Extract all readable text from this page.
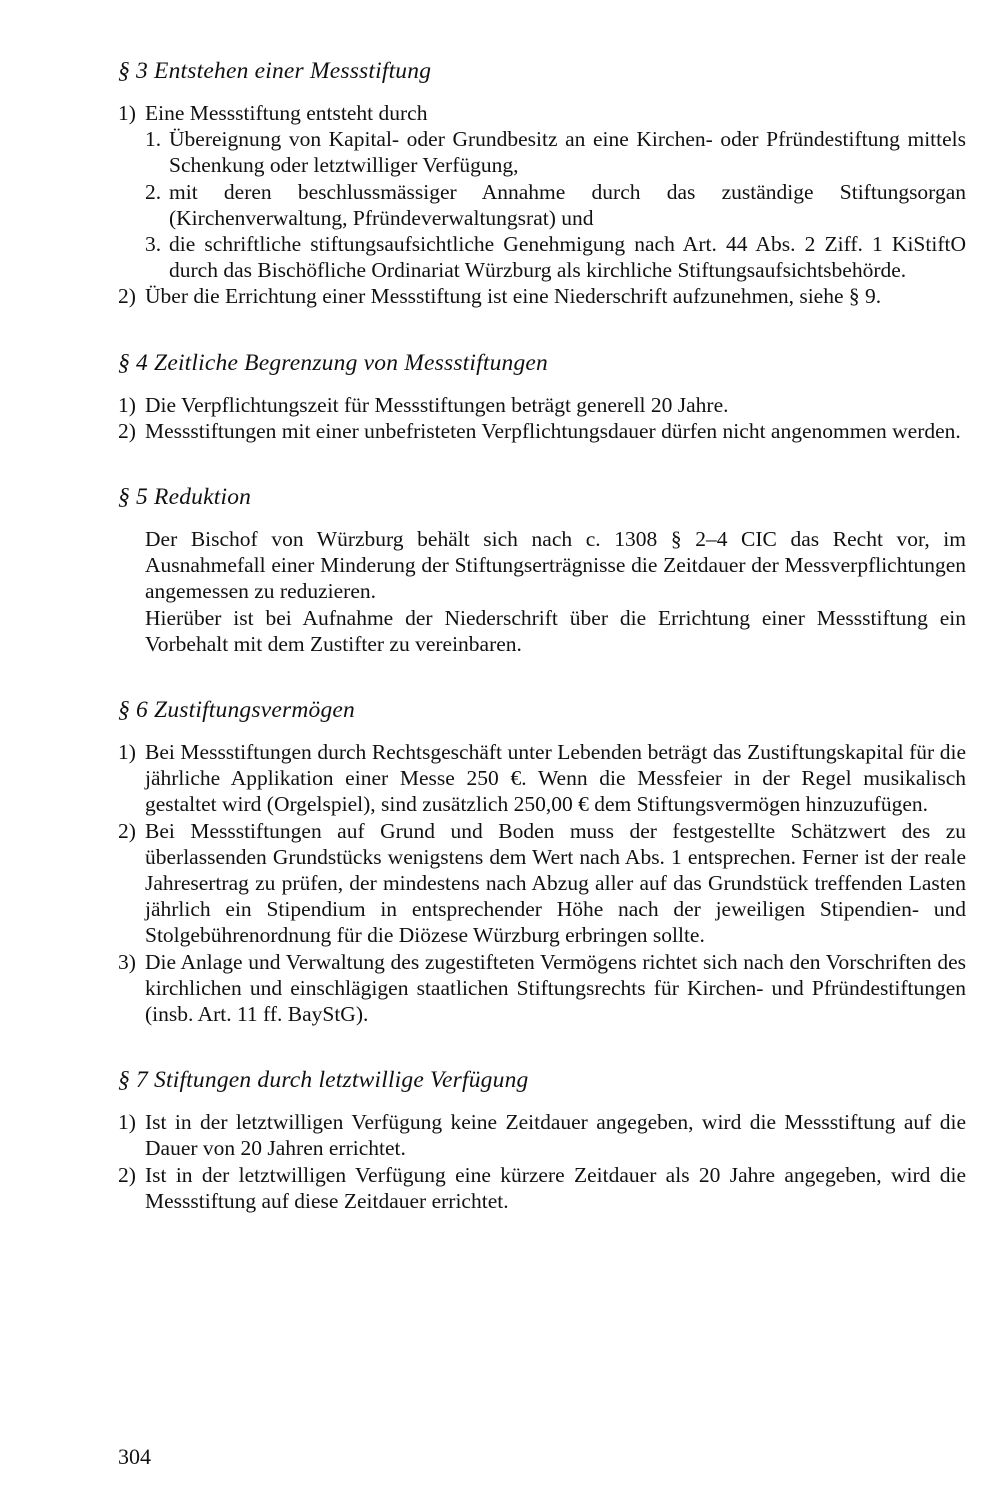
§ 3 Entstehen einer Messstiftung
1) Eine Messstiftung entsteht durch
1. Übereignung von Kapital- oder Grundbesitz an eine Kirchen- oder Pfründestiftung mittels Schenkung oder letztwilliger Verfügung,
2. mit deren beschlussmässiger Annahme durch das zuständige Stiftungsorgan (Kirchenverwaltung, Pfründeverwaltungsrat) und
3. die schriftliche stiftungsaufsichtliche Genehmigung nach Art. 44 Abs. 2 Ziff. 1 KiStiftO durch das Bischöfliche Ordinariat Würzburg als kirchliche Stiftungsaufsichtsbehörde.
2) Über die Errichtung einer Messstiftung ist eine Niederschrift aufzunehmen, siehe § 9.
§ 4 Zeitliche Begrenzung von Messstiftungen
1) Die Verpflichtungszeit für Messstiftungen beträgt generell 20 Jahre.
2) Messstiftungen mit einer unbefristeten Verpflichtungsdauer dürfen nicht angenommen werden.
§ 5 Reduktion
Der Bischof von Würzburg behält sich nach c. 1308 § 2–4 CIC das Recht vor, im Ausnahmefall einer Minderung der Stiftungserträgnisse die Zeitdauer der Messverpflichtungen angemessen zu reduzieren.
Hierüber ist bei Aufnahme der Niederschrift über die Errichtung einer Messstiftung ein Vorbehalt mit dem Zustifter zu vereinbaren.
§ 6 Zustiftungsvermögen
1) Bei Messstiftungen durch Rechtsgeschäft unter Lebenden beträgt das Zustiftungskapital für die jährliche Applikation einer Messe 250 €. Wenn die Messfeier in der Regel musikalisch gestaltet wird (Orgelspiel), sind zusätzlich 250,00 € dem Stiftungsvermögen hinzuzufügen.
2) Bei Messstiftungen auf Grund und Boden muss der festgestellte Schätzwert des zu überlassenden Grundstücks wenigstens dem Wert nach Abs. 1 entsprechen. Ferner ist der reale Jahresertrag zu prüfen, der mindestens nach Abzug aller auf das Grundstück treffenden Lasten jährlich ein Stipendium in entsprechender Höhe nach der jeweiligen Stipendien- und Stolgebührenordnung für die Diözese Würzburg erbringen sollte.
3) Die Anlage und Verwaltung des zugestifteten Vermögens richtet sich nach den Vorschriften des kirchlichen und einschlägigen staatlichen Stiftungsrechts für Kirchen- und Pfründestiftungen (insb. Art. 11 ff. BayStG).
§ 7 Stiftungen durch letztwillige Verfügung
1) Ist in der letztwilligen Verfügung keine Zeitdauer angegeben, wird die Messstiftung auf die Dauer von 20 Jahren errichtet.
2) Ist in der letztwilligen Verfügung eine kürzere Zeitdauer als 20 Jahre angegeben, wird die Messstiftung auf diese Zeitdauer errichtet.
304
